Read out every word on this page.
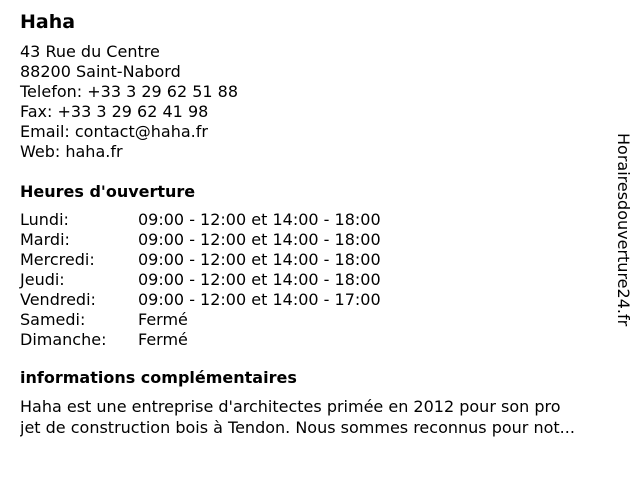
Haha
43 Rue du Centre
88200 Saint-Nabord
Telefon: +33 3 29 62 51 88
Fax: +33 3 29 62 41 98
Email: contact@haha.fr
Web: haha.fr
Heures d'ouverture
Lundi:	09:00 - 12:00 et 14:00 - 18:00
Mardi:	09:00 - 12:00 et 14:00 - 18:00
Mercredi:	09:00 - 12:00 et 14:00 - 18:00
Jeudi:	09:00 - 12:00 et 14:00 - 18:00
Vendredi:	09:00 - 12:00 et 14:00 - 17:00
Samedi:	Fermé
Dimanche:	Fermé
informations complémentaires
Haha est une entreprise d'architectes primée en 2012 pour son pro
jet de construction bois à Tendon. Nous sommes reconnus pour not...
Horairesdouverture24.fr
